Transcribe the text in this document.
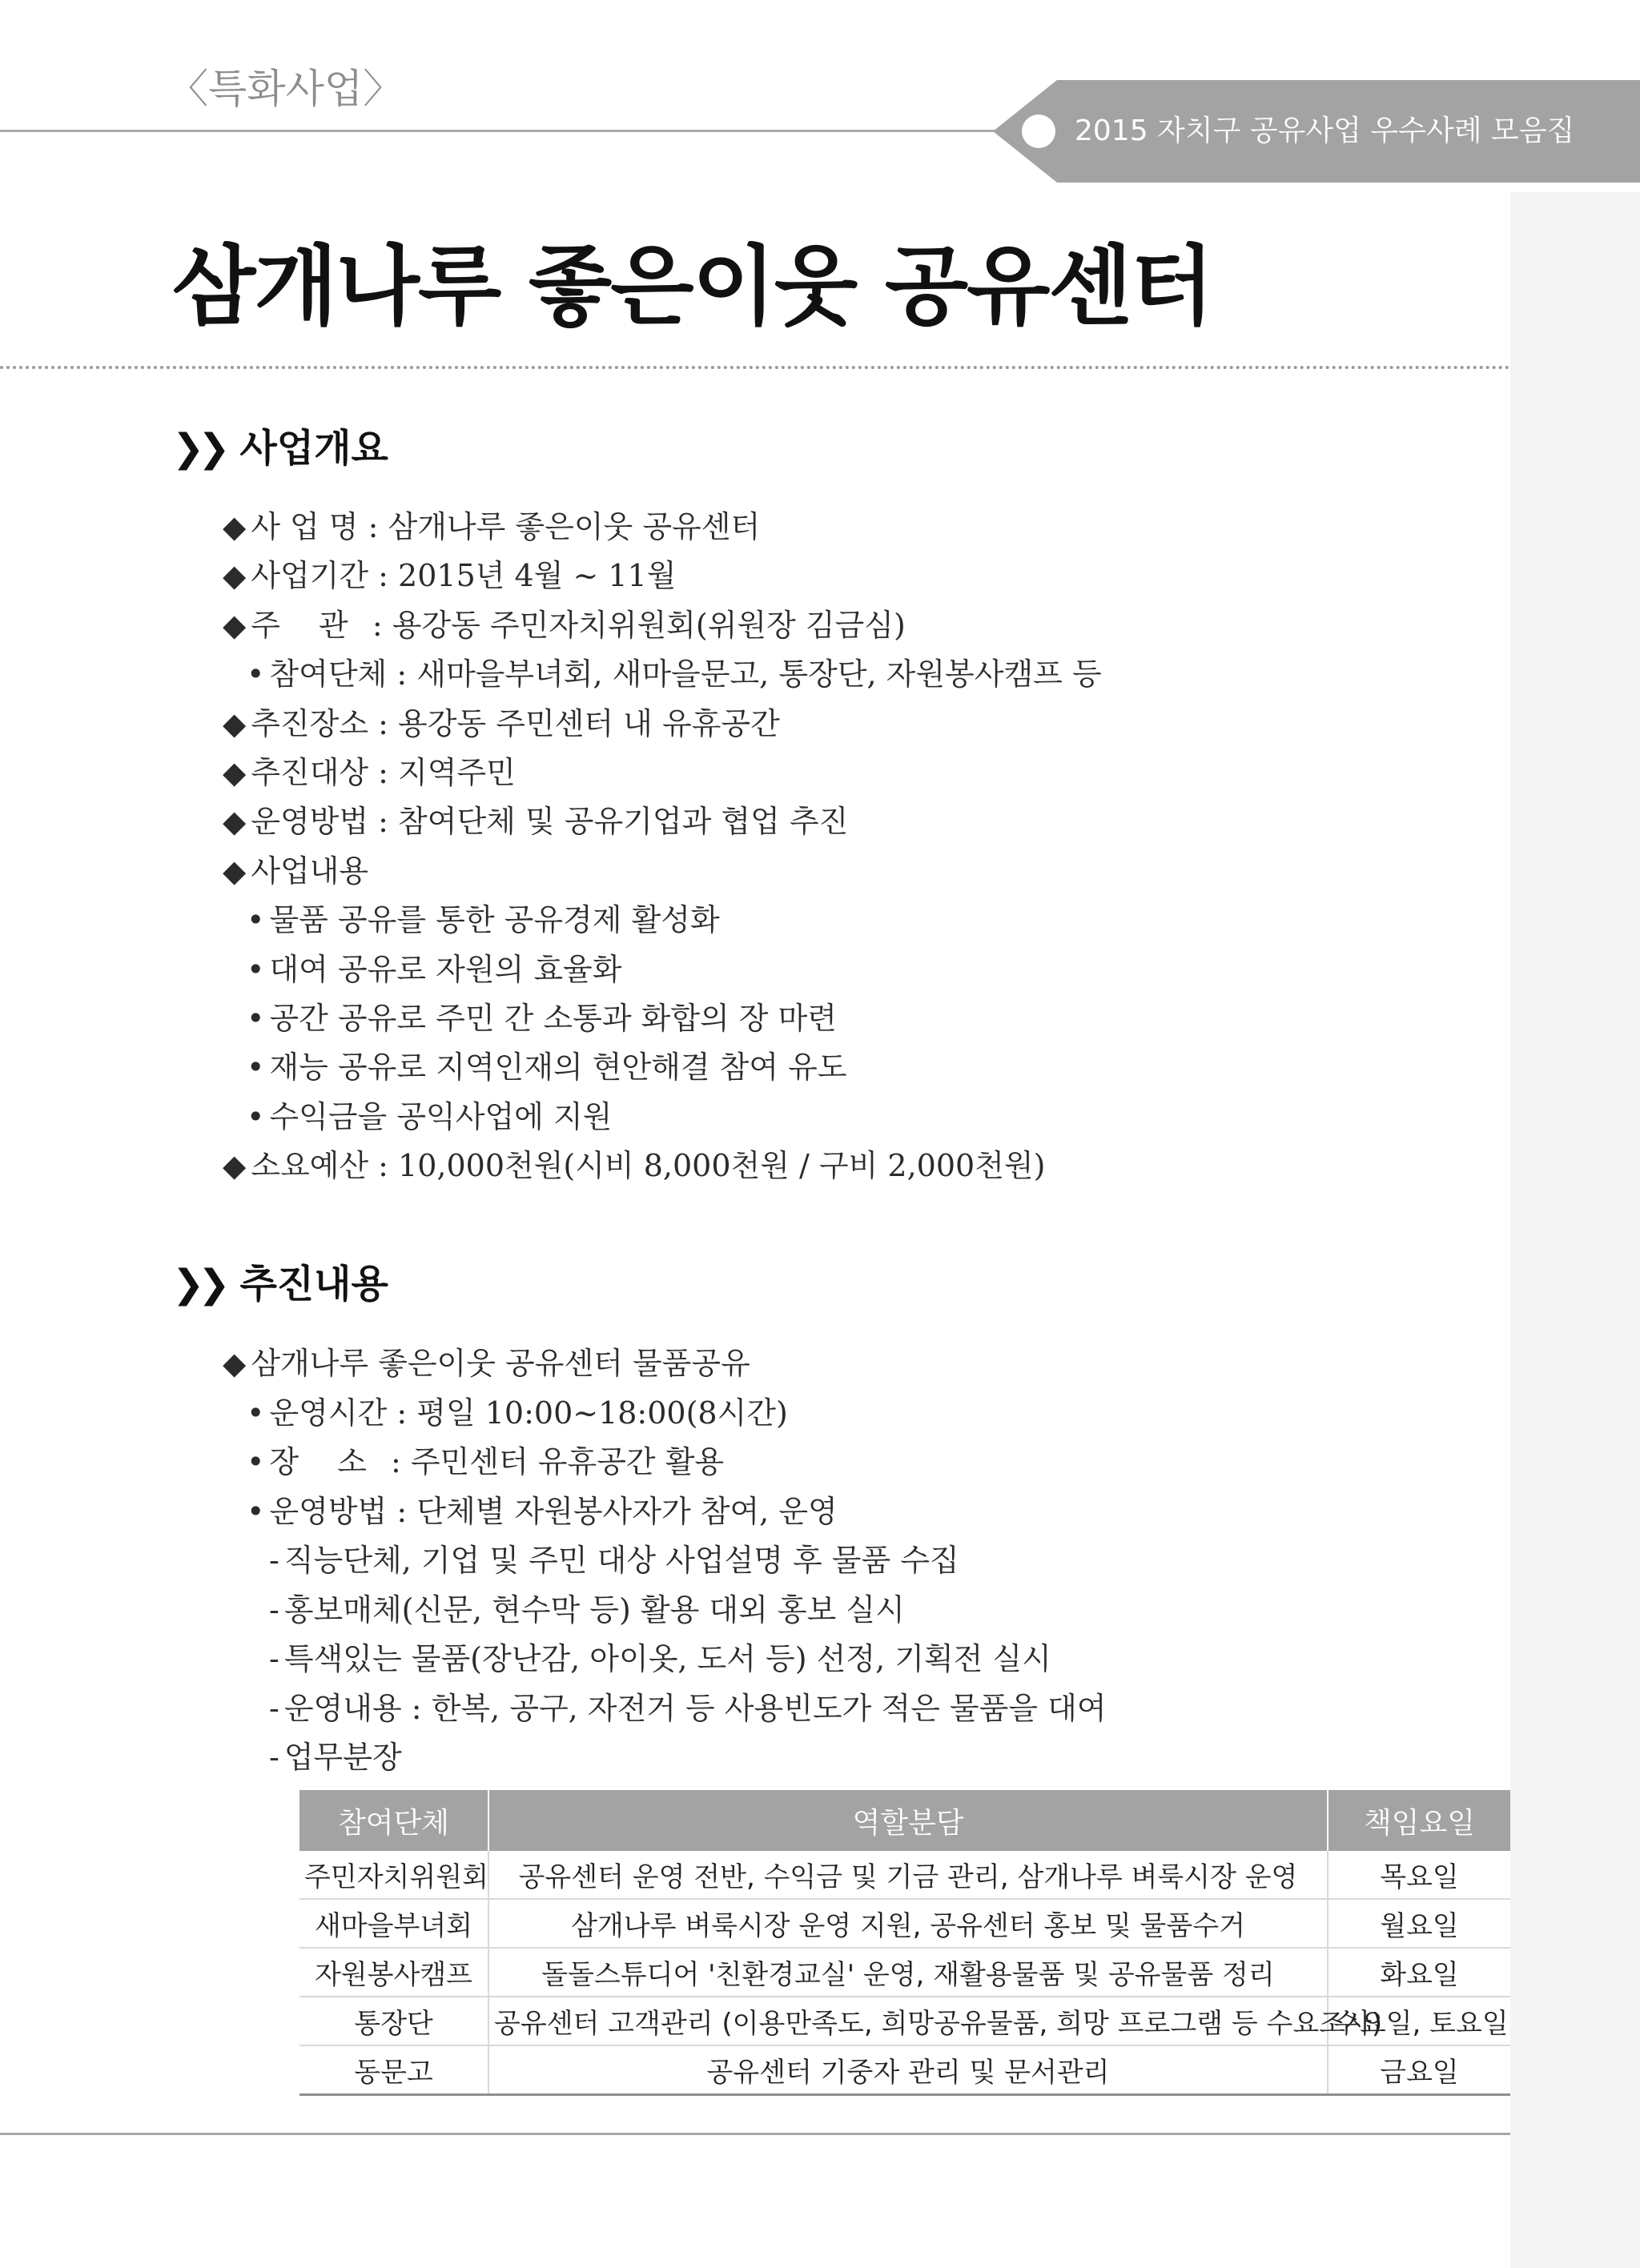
〈특화사업〉
2015 자치구 공유사업 우수사례 모음집
삼개나루 좋은이웃 공유센터
❯❯ 사업개요
❯❯ 추진내용
◆ 사 업 명 : 삼개나루 좋은이웃 공유센터
◆ 사업기간 : 2015년 4월 ~ 11월
◆ 주 관 : 용강동 주민자치위원회(위원장 김금심)
• 참여단체 : 새마을부녀회, 새마을문고, 통장단, 자원봉사캠프 등
◆ 추진장소 : 용강동 주민센터 내 유휴공간
◆ 추진대상 : 지역주민
◆ 운영방법 : 참여단체 및 공유기업과 협업 추진
◆ 사업내용
• 물품 공유를 통한 공유경제 활성화
• 대여 공유로 자원의 효율화
• 공간 공유로 주민 간 소통과 화합의 장 마련
• 재능 공유로 지역인재의 현안해결 참여 유도
• 수익금을 공익사업에 지원
◆ 소요예산 : 10,000천원(시비 8,000천원 / 구비 2,000천원)
◆ 삼개나루 좋은이웃 공유센터 물품공유
• 운영시간 : 평일 10:00~18:00(8시간)
• 장 소 : 주민센터 유휴공간 활용
• 운영방법 : 단체별 자원봉사자가 참여, 운영
- 직능단체, 기업 및 주민 대상 사업설명 후 물품 수집
- 홍보매체(신문, 현수막 등) 활용 대외 홍보 실시
- 특색있는 물품(장난감, 아이옷, 도서 등) 선정, 기획전 실시
- 운영내용 : 한복, 공구, 자전거 등 사용빈도가 적은 물품을 대여
- 업무분장
참여단체	역할분담	책임요일
주민자치위원회	공유센터 운영 전반, 수익금 및 기금 관리, 삼개나루 벼룩시장 운영	목요일
새마을부녀회	삼개나루 벼룩시장 운영 지원, 공유센터 홍보 및 물품수거	월요일
자원봉사캠프	돌돌스튜디어 '친환경교실' 운영, 재활용물품 및 공유물품 정리	화요일
통장단	공유센터 고객관리 (이용만족도, 희망공유물품, 희망 프로그램 등 수요조사)	수요일, 토요일
동문고	공유센터 기중자 관리 및 문서관리	금요일
